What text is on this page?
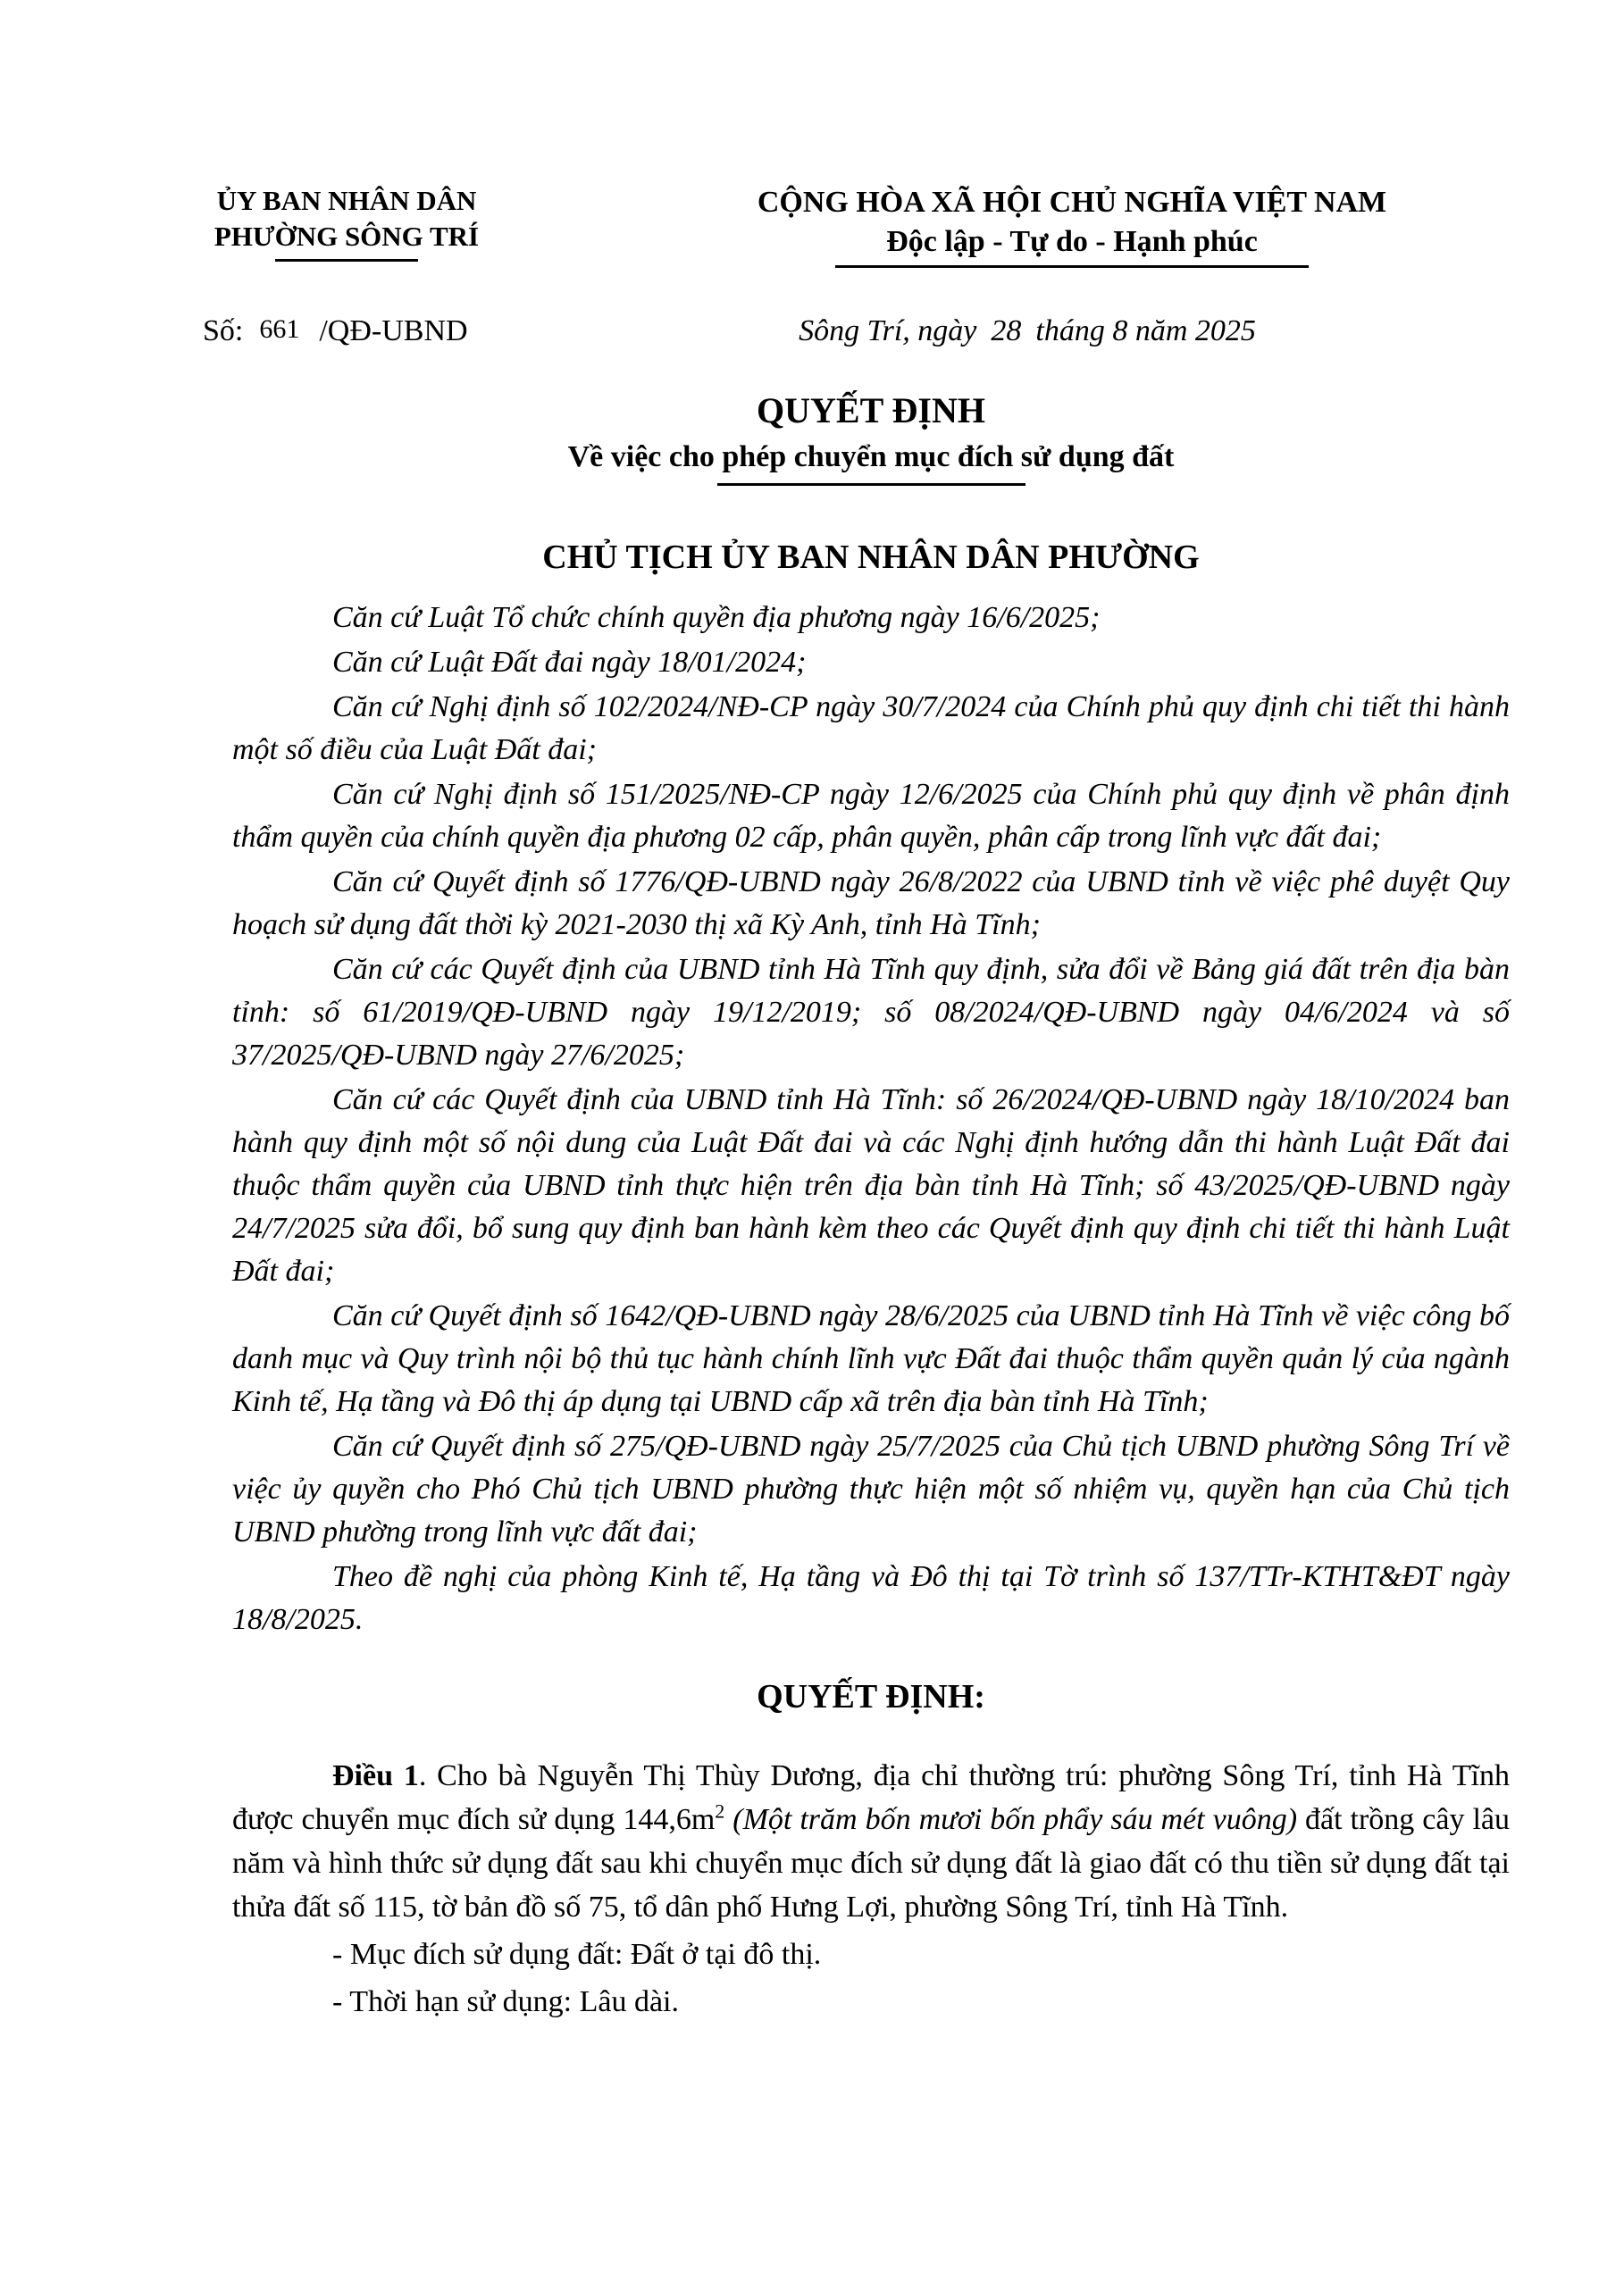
ỦY BAN NHÂN DÂN
PHƯỜNG SÔNG TRÍ
CỘNG HÒA XÃ HỘI CHỦ NGHĨA VIỆT NAM
Độc lập - Tự do - Hạnh phúc
Số: 661 /QĐ-UBND	Sông Trí, ngày 28 tháng 8 năm 2025
QUYẾT ĐỊNH
Về việc cho phép chuyển mục đích sử dụng đất
CHỦ TỊCH ỦY BAN NHÂN DÂN PHƯỜNG

Căn cứ Luật Tổ chức chính quyền địa phương ngày 16/6/2025;

Căn cứ Luật Đất đai ngày 18/01/2024;

Căn cứ Nghị định số 102/2024/NĐ-CP ngày 30/7/2024 của Chính phủ quy định chi tiết thi hành một số điều của Luật Đất đai;

Căn cứ Nghị định số 151/2025/NĐ-CP ngày 12/6/2025 của Chính phủ quy định về phân định thẩm quyền của chính quyền địa phương 02 cấp, phân quyền, phân cấp trong lĩnh vực đất đai;

Căn cứ Quyết định số 1776/QĐ-UBND ngày 26/8/2022 của UBND tỉnh về việc phê duyệt Quy hoạch sử dụng đất thời kỳ 2021-2030 thị xã Kỳ Anh, tỉnh Hà Tĩnh;

Căn cứ các Quyết định của UBND tỉnh Hà Tĩnh quy định, sửa đổi về Bảng giá đất trên địa bàn tỉnh: số 61/2019/QĐ-UBND ngày 19/12/2019; số 08/2024/QĐ-UBND ngày 04/6/2024 và số 37/2025/QĐ-UBND ngày 27/6/2025;

Căn cứ các Quyết định của UBND tỉnh Hà Tĩnh: số 26/2024/QĐ-UBND ngày 18/10/2024 ban hành quy định một số nội dung của Luật Đất đai và các Nghị định hướng dẫn thi hành Luật Đất đai thuộc thẩm quyền của UBND tỉnh thực hiện trên địa bàn tỉnh Hà Tĩnh; số 43/2025/QĐ-UBND ngày 24/7/2025 sửa đổi, bổ sung quy định ban hành kèm theo các Quyết định quy định chi tiết thi hành Luật Đất đai;

Căn cứ Quyết định số 1642/QĐ-UBND ngày 28/6/2025 của UBND tỉnh Hà Tĩnh về việc công bố danh mục và Quy trình nội bộ thủ tục hành chính lĩnh vực Đất đai thuộc thẩm quyền quản lý của ngành Kinh tế, Hạ tầng và Đô thị áp dụng tại UBND cấp xã trên địa bàn tỉnh Hà Tĩnh;

Căn cứ Quyết định số 275/QĐ-UBND ngày 25/7/2025 của Chủ tịch UBND phường Sông Trí về việc ủy quyền cho Phó Chủ tịch UBND phường thực hiện một số nhiệm vụ, quyền hạn của Chủ tịch UBND phường trong lĩnh vực đất đai;

Theo đề nghị của phòng Kinh tế, Hạ tầng và Đô thị tại Tờ trình số 137/TTr-KTHT&ĐT ngày 18/8/2025.

QUYẾT ĐỊNH:

Điều 1. Cho bà Nguyễn Thị Thùy Dương, địa chỉ thường trú: phường Sông Trí, tỉnh Hà Tĩnh được chuyển mục đích sử dụng $144,6m^2$ (Một trăm bốn mươi bốn phẩy sáu mét vuông) đất trồng cây lâu năm và hình thức sử dụng đất sau khi chuyển mục đích sử dụng đất là giao đất có thu tiền sử dụng đất tại thửa đất số 115, tờ bản đồ số 75, tổ dân phố Hưng Lợi, phường Sông Trí, tỉnh Hà Tĩnh.

- Mục đích sử dụng đất: Đất ở tại đô thị.

- Thời hạn sử dụng: Lâu dài.
